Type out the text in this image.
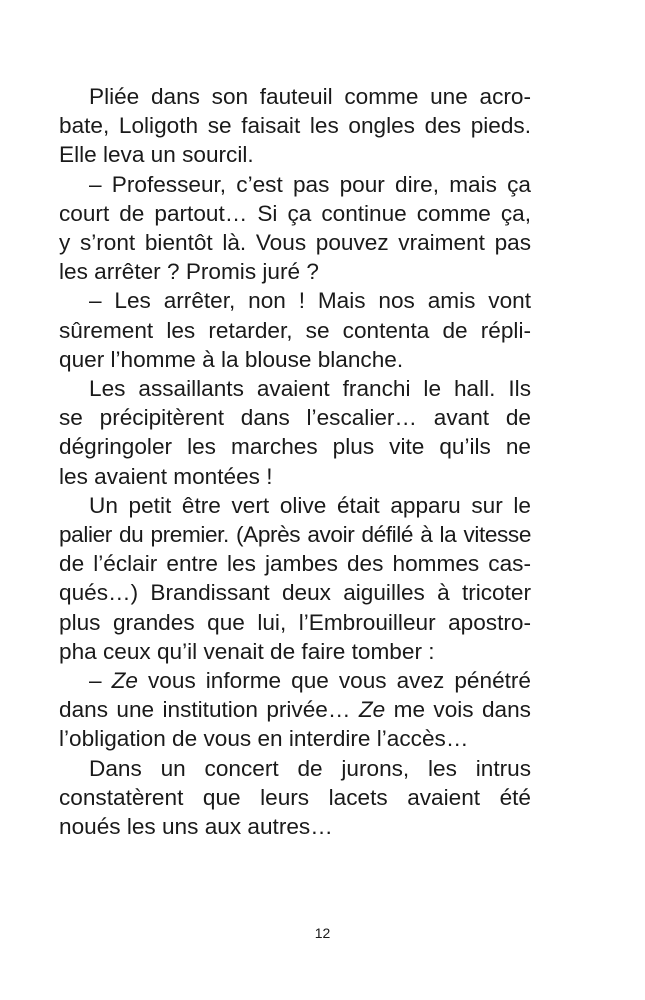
Pliée dans son fauteuil comme une acro-
bate, Loligoth se faisait les ongles des pieds.
Elle leva un sourcil.
– Professeur, c’est pas pour dire, mais ça
court de partout… Si ça continue comme ça,
y s’ront bientôt là. Vous pouvez vraiment pas
les arrêter ? Promis juré ?
– Les arrêter, non ! Mais nos amis vont
sûrement les retarder, se contenta de répli-
quer l’homme à la blouse blanche.
Les assaillants avaient franchi le hall. Ils
se précipitèrent dans l’escalier… avant de
dégringoler les marches plus vite qu’ils ne
les avaient montées !
Un petit être vert olive était apparu sur le
palier du premier. (Après avoir défilé à la vitesse
de l’éclair entre les jambes des hommes cas-
qués…) Brandissant deux aiguilles à tricoter
plus grandes que lui, l’Embrouilleur apostro-
pha ceux qu’il venait de faire tomber :
– Ze vous informe que vous avez pénétré
dans une institution privée… Ze me vois dans
l’obligation de vous en interdire l’accès…
Dans un concert de jurons, les intrus
constatèrent que leurs lacets avaient été
noués les uns aux autres…
12
